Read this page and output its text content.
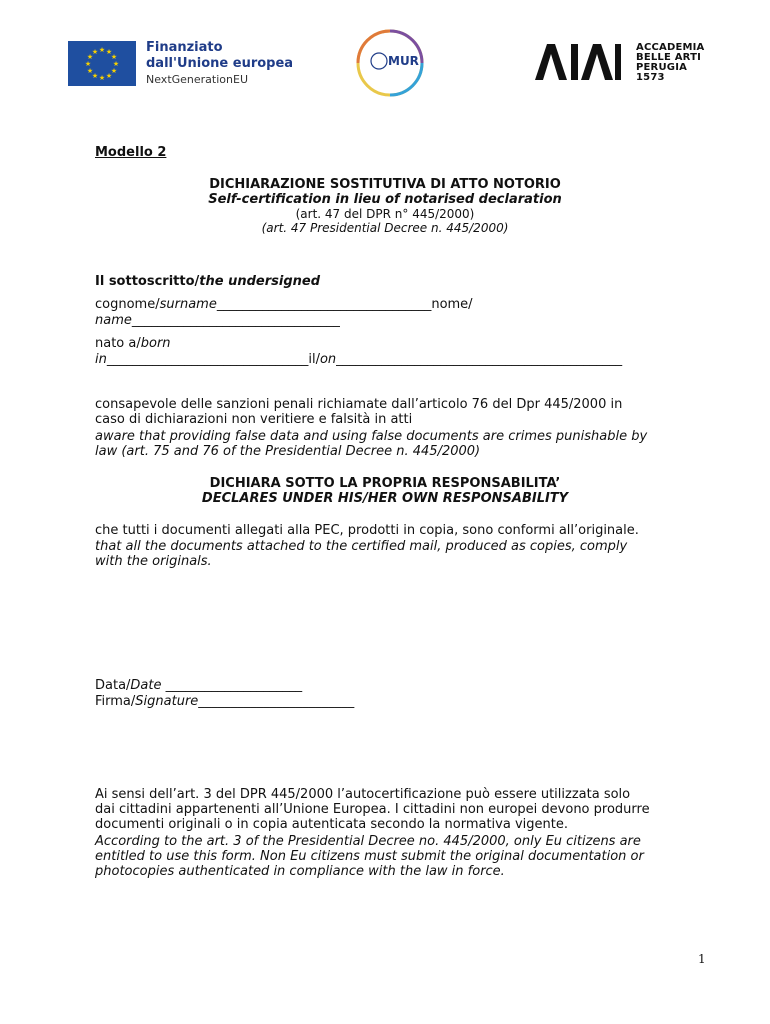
★ ★
★
★
★
★
★
★
★
★
★
★	Finanziato
dall'Unione europea
NextGenerationEU
MUR
ACCADEMIA
BELLE ARTI
PERUGIA
1573
Modello 2
DICHIARAZIONE SOSTITUTIVA DI ATTO NOTORIO
Self-certification in lieu of notarised declaration
(art. 47 del DPR n° 445/2000)
(art. 47 Presidential Decree n. 445/2000)
Il sottoscritto/the undersigned
cognome/surname_________________________________nome/
name________________________________
nato a/born
in_______________________________il/on____________________________________________
consapevole delle sanzioni penali richiamate dall’articolo 76 del Dpr 445/2000 in
caso di dichiarazioni non veritiere e falsità in atti
aware that providing false data and using false documents are crimes punishable by
law (art. 75 and 76 of the Presidential Decree n. 445/2000)
DICHIARA SOTTO LA PROPRIA RESPONSABILITA’
DECLARES UNDER HIS/HER OWN RESPONSABILITY
che tutti i documenti allegati alla PEC, prodotti in copia, sono conformi all’originale.
that all the documents attached to the certified mail, produced as copies, comply
with the originals.
Data/Date _____________________
Firma/Signature________________________
Ai sensi dell’art. 3 del DPR 445/2000 l’autocertificazione può essere utilizzata solo
dai cittadini appartenenti all’Unione Europea. I cittadini non europei devono produrre
documenti originali o in copia autenticata secondo la normativa vigente.
According to the art. 3 of the Presidential Decree no. 445/2000, only Eu citizens are
entitled to use this form. Non Eu citizens must submit the original documentation or
photocopies authenticated in compliance with the law in force.
1
